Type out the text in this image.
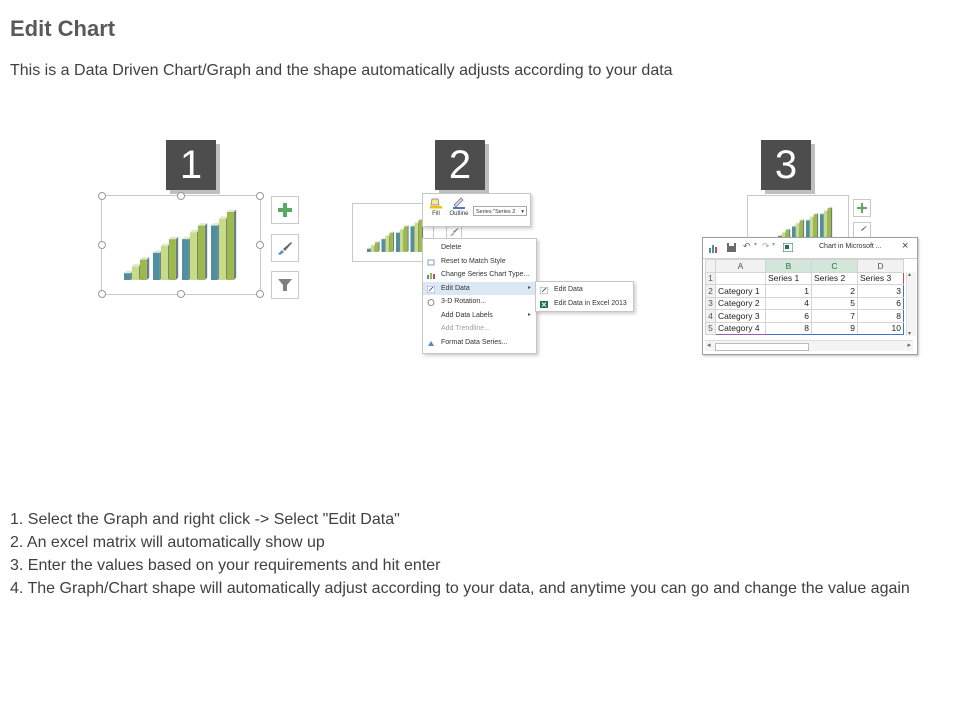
Edit Chart
This is a Data Driven Chart/Graph and the shape automatically adjusts according to your data
1	2	3
Fill	Outline	Series "Series 2 ▾
Delete
Reset to Match Style
Change Series Chart Type...
Edit Data	▸
3-D Rotation...
Add Data Labels	▸
Add Trendline...
Format Data Series...
Edit Data
Edit Data in Excel 2013
↶ ▾ ↷ ▾	Chart in Microsoft ... ×
	A	B	C	D
1		Series 1	Series 2	Series 3
2	Category 1	1	2	3
3	Category 2	4	5	6
4	Category 3	6	7	8
5	Category 4	8	9	10
▴
▾
◂	▸
1. Select the Graph and right click -> Select "Edit Data"
2. An excel matrix will automatically show up
3. Enter the values based on your requirements and hit enter
4. The Graph/Chart shape will automatically adjust according to your data, and anytime you can go and change the value again
